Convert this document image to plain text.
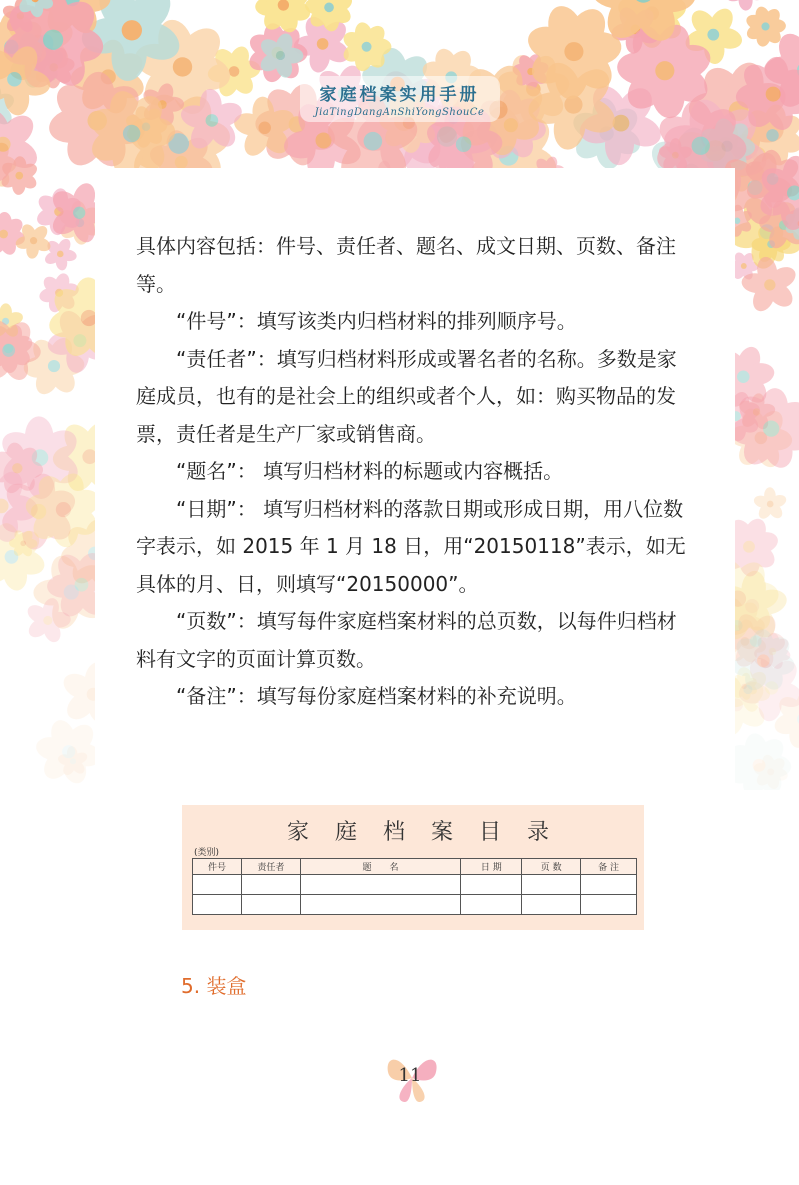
家庭档案实用手册
JiaTingDangAnShiYongShouCe

具体内容包括：件号、责任者、题名、成文日期、页数、备注等。

“件号”：填写该类内归档材料的排列顺序号。

“责任者”：填写归档材料形成或署名者的名称。多数是家庭成员，也有的是社会上的组织或者个人，如：购买物品的发票，责任者是生产厂家或销售商。

“题名”： 填写归档材料的标题或内容概括。

“日期”： 填写归档材料的落款日期或形成日期，用八位数字表示，如 2015 年 1 月 18 日，用“20150118”表示，如无具体的月、日，则填写“20150000”。

“页数”：填写每件家庭档案材料的总页数，以每件归档材料有文字的页面计算页数。

“备注”：填写每份家庭档案材料的补充说明。

家庭档案目录
(类别)
件号	责任者	题　　名	日 期	页 数	备 注

5. 装盒
11
